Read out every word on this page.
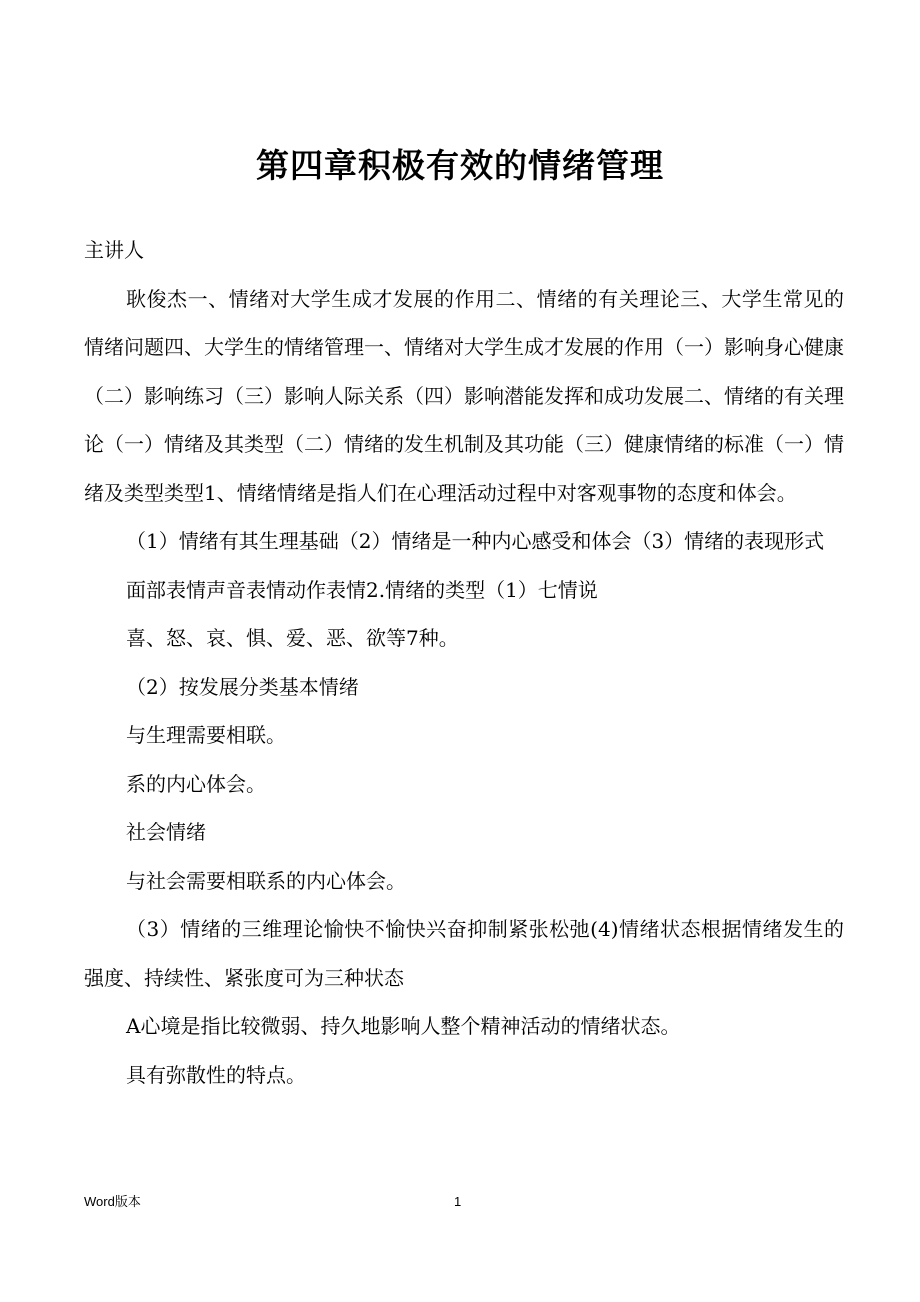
第四章积极有效的情绪管理

主讲人

耿俊杰一、情绪对大学生成才发展的作用二、情绪的有关理论三、大学生常见的情绪问题四、大学生的情绪管理一、情绪对大学生成才发展的作用（一）影响身心健康（二）影响练习（三）影响人际关系（四）影响潜能发挥和成功发展二、情绪的有关理论（一）情绪及其类型（二）情绪的发生机制及其功能（三）健康情绪的标准（一）情绪及类型类型1、情绪情绪是指人们在心理活动过程中对客观事物的态度和体会。

（1）情绪有其生理基础（2）情绪是一种内心感受和体会（3）情绪的表现形式

面部表情声音表情动作表情2.情绪的类型（1）七情说

喜、怒、哀、惧、爱、恶、欲等7种。

（2）按发展分类基本情绪

与生理需要相联。

系的内心体会。

社会情绪

与社会需要相联系的内心体会。

（3）情绪的三维理论愉快不愉快兴奋抑制紧张松弛(4)情绪状态根据情绪发生的强度、持续性、紧张度可为三种状态

A心境是指比较微弱、持久地影响人整个精神活动的情绪状态。

具有弥散性的特点。

Word版本	1
